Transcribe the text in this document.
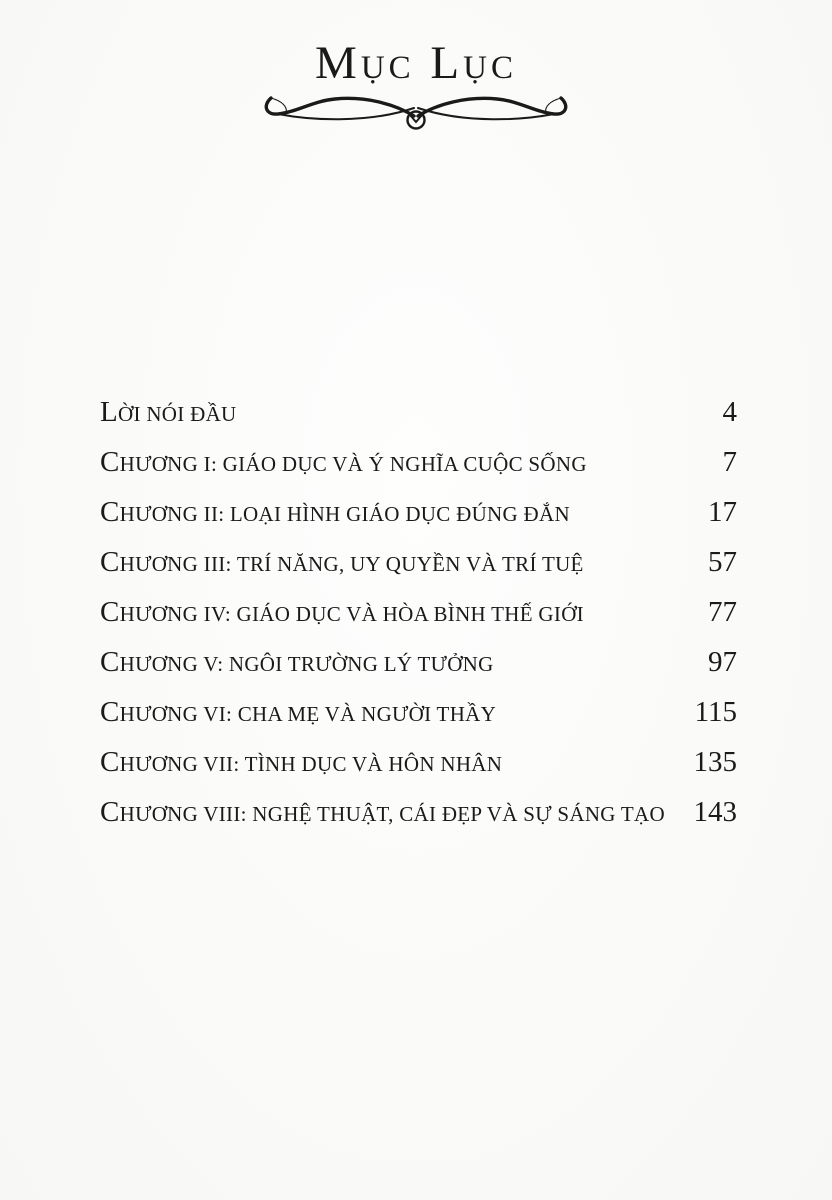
Mục Lục
LỜI NÓI ĐẦU	4
CHƯƠNG I: GIÁO DỤC VÀ Ý NGHĨA CUỘC SỐNG	7
CHƯƠNG II: LOẠI HÌNH GIÁO DỤC ĐÚNG ĐẮN	17
CHƯƠNG III: TRÍ NĂNG, UY QUYỀN VÀ TRÍ TUỆ	57
CHƯƠNG IV: GIÁO DỤC VÀ HÒA BÌNH THẾ GIỚI	77
CHƯƠNG V: NGÔI TRƯỜNG LÝ TƯỞNG	97
CHƯƠNG VI: CHA MẸ VÀ NGƯỜI THẦY	115
CHƯƠNG VII: TÌNH DỤC VÀ HÔN NHÂN	135
CHƯƠNG VIII: NGHỆ THUẬT, CÁI ĐẸP VÀ SỰ SÁNG TẠO 143
